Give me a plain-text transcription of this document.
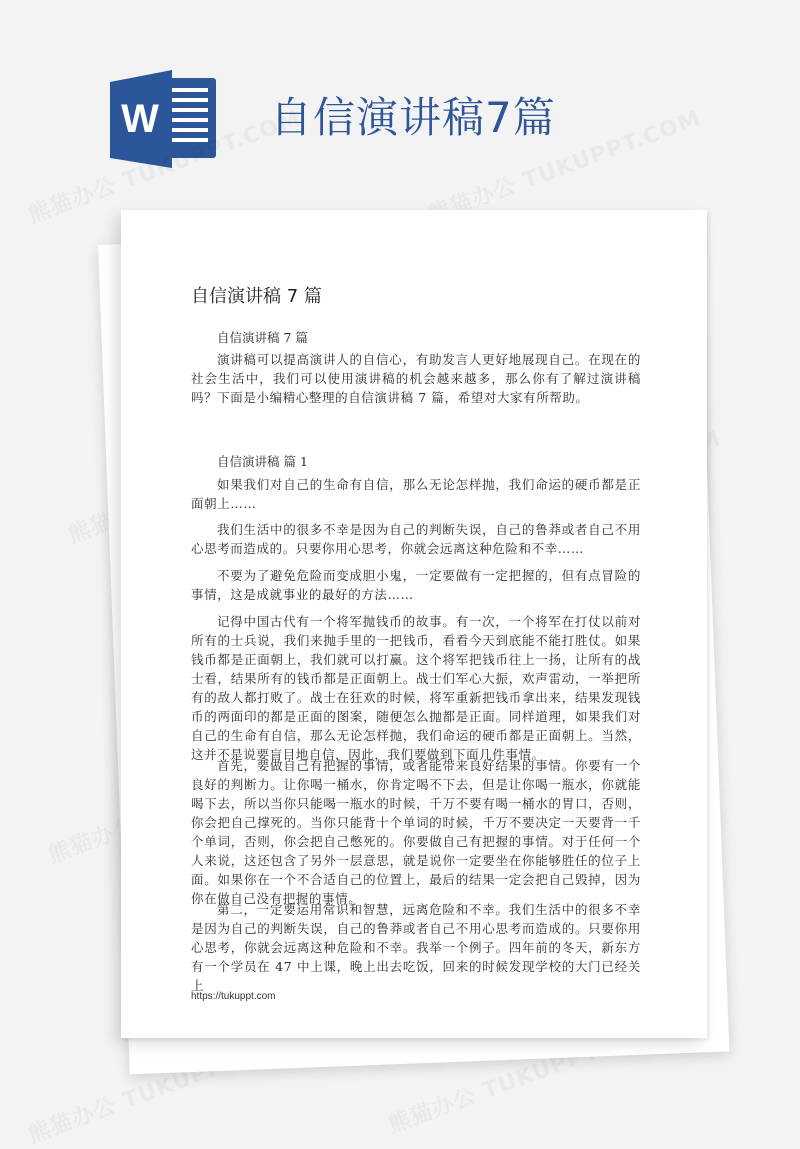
W	自信演讲稿7篇
自信演讲稿 7 篇
自信演讲稿 7 篇
演讲稿可以提高演讲人的自信心，有助发言人更好地展现自己。在现在的社会生活中，我们可以使用演讲稿的机会越来越多，那么你有了解过演讲稿吗？下面是小编精心整理的自信演讲稿 7 篇，希望对大家有所帮助。
自信演讲稿 篇 1
如果我们对自己的生命有自信，那么无论怎样抛，我们命运的硬币都是正面朝上……
我们生活中的很多不幸是因为自己的判断失误，自己的鲁莽或者自己不用心思考而造成的。只要你用心思考，你就会远离这种危险和不幸……
不要为了避免危险而变成胆小鬼，一定要做有一定把握的，但有点冒险的事情，这是成就事业的最好的方法……
记得中国古代有一个将军抛钱币的故事。有一次，一个将军在打仗以前对所有的士兵说，我们来抛手里的一把钱币，看看今天到底能不能打胜仗。如果钱币都是正面朝上，我们就可以打赢。这个将军把钱币往上一扬，让所有的战士看，结果所有的钱币都是正面朝上。战士们军心大振，欢声雷动，一举把所有的敌人都打败了。战士在狂欢的时候，将军重新把钱币拿出来，结果发现钱币的两面印的都是正面的图案，随便怎么抛都是正面。同样道理，如果我们对自己的生命有自信，那么无论怎样抛，我们命运的硬币都是正面朝上。当然，这并不是说要盲目地自信，因此，我们要做到下面几件事情。
首先，要做自己有把握的事情，或者能带来良好结果的事情。你要有一个良好的判断力。让你喝一桶水，你肯定喝不下去，但是让你喝一瓶水，你就能喝下去，所以当你只能喝一瓶水的时候，千万不要有喝一桶水的胃口，否则，你会把自己撑死的。当你只能背十个单词的时候，千万不要决定一天要背一千个单词，否则，你会把自己憋死的。你要做自己有把握的事情。对于任何一个人来说，这还包含了另外一层意思，就是说你一定要坐在你能够胜任的位子上面。如果你在一个不合适自己的位置上，最后的结果一定会把自己毁掉，因为你在做自己没有把握的事情。
第二，一定要运用常识和智慧，远离危险和不幸。我们生活中的很多不幸是因为自己的判断失误，自己的鲁莽或者自己不用心思考而造成的。只要你用心思考，你就会远离这种危险和不幸。我举一个例子。四年前的冬天，新东方有一个学员在 47 中上课，晚上出去吃饭，回来的时候发现学校的大门已经关上
https://tukuppt.com
